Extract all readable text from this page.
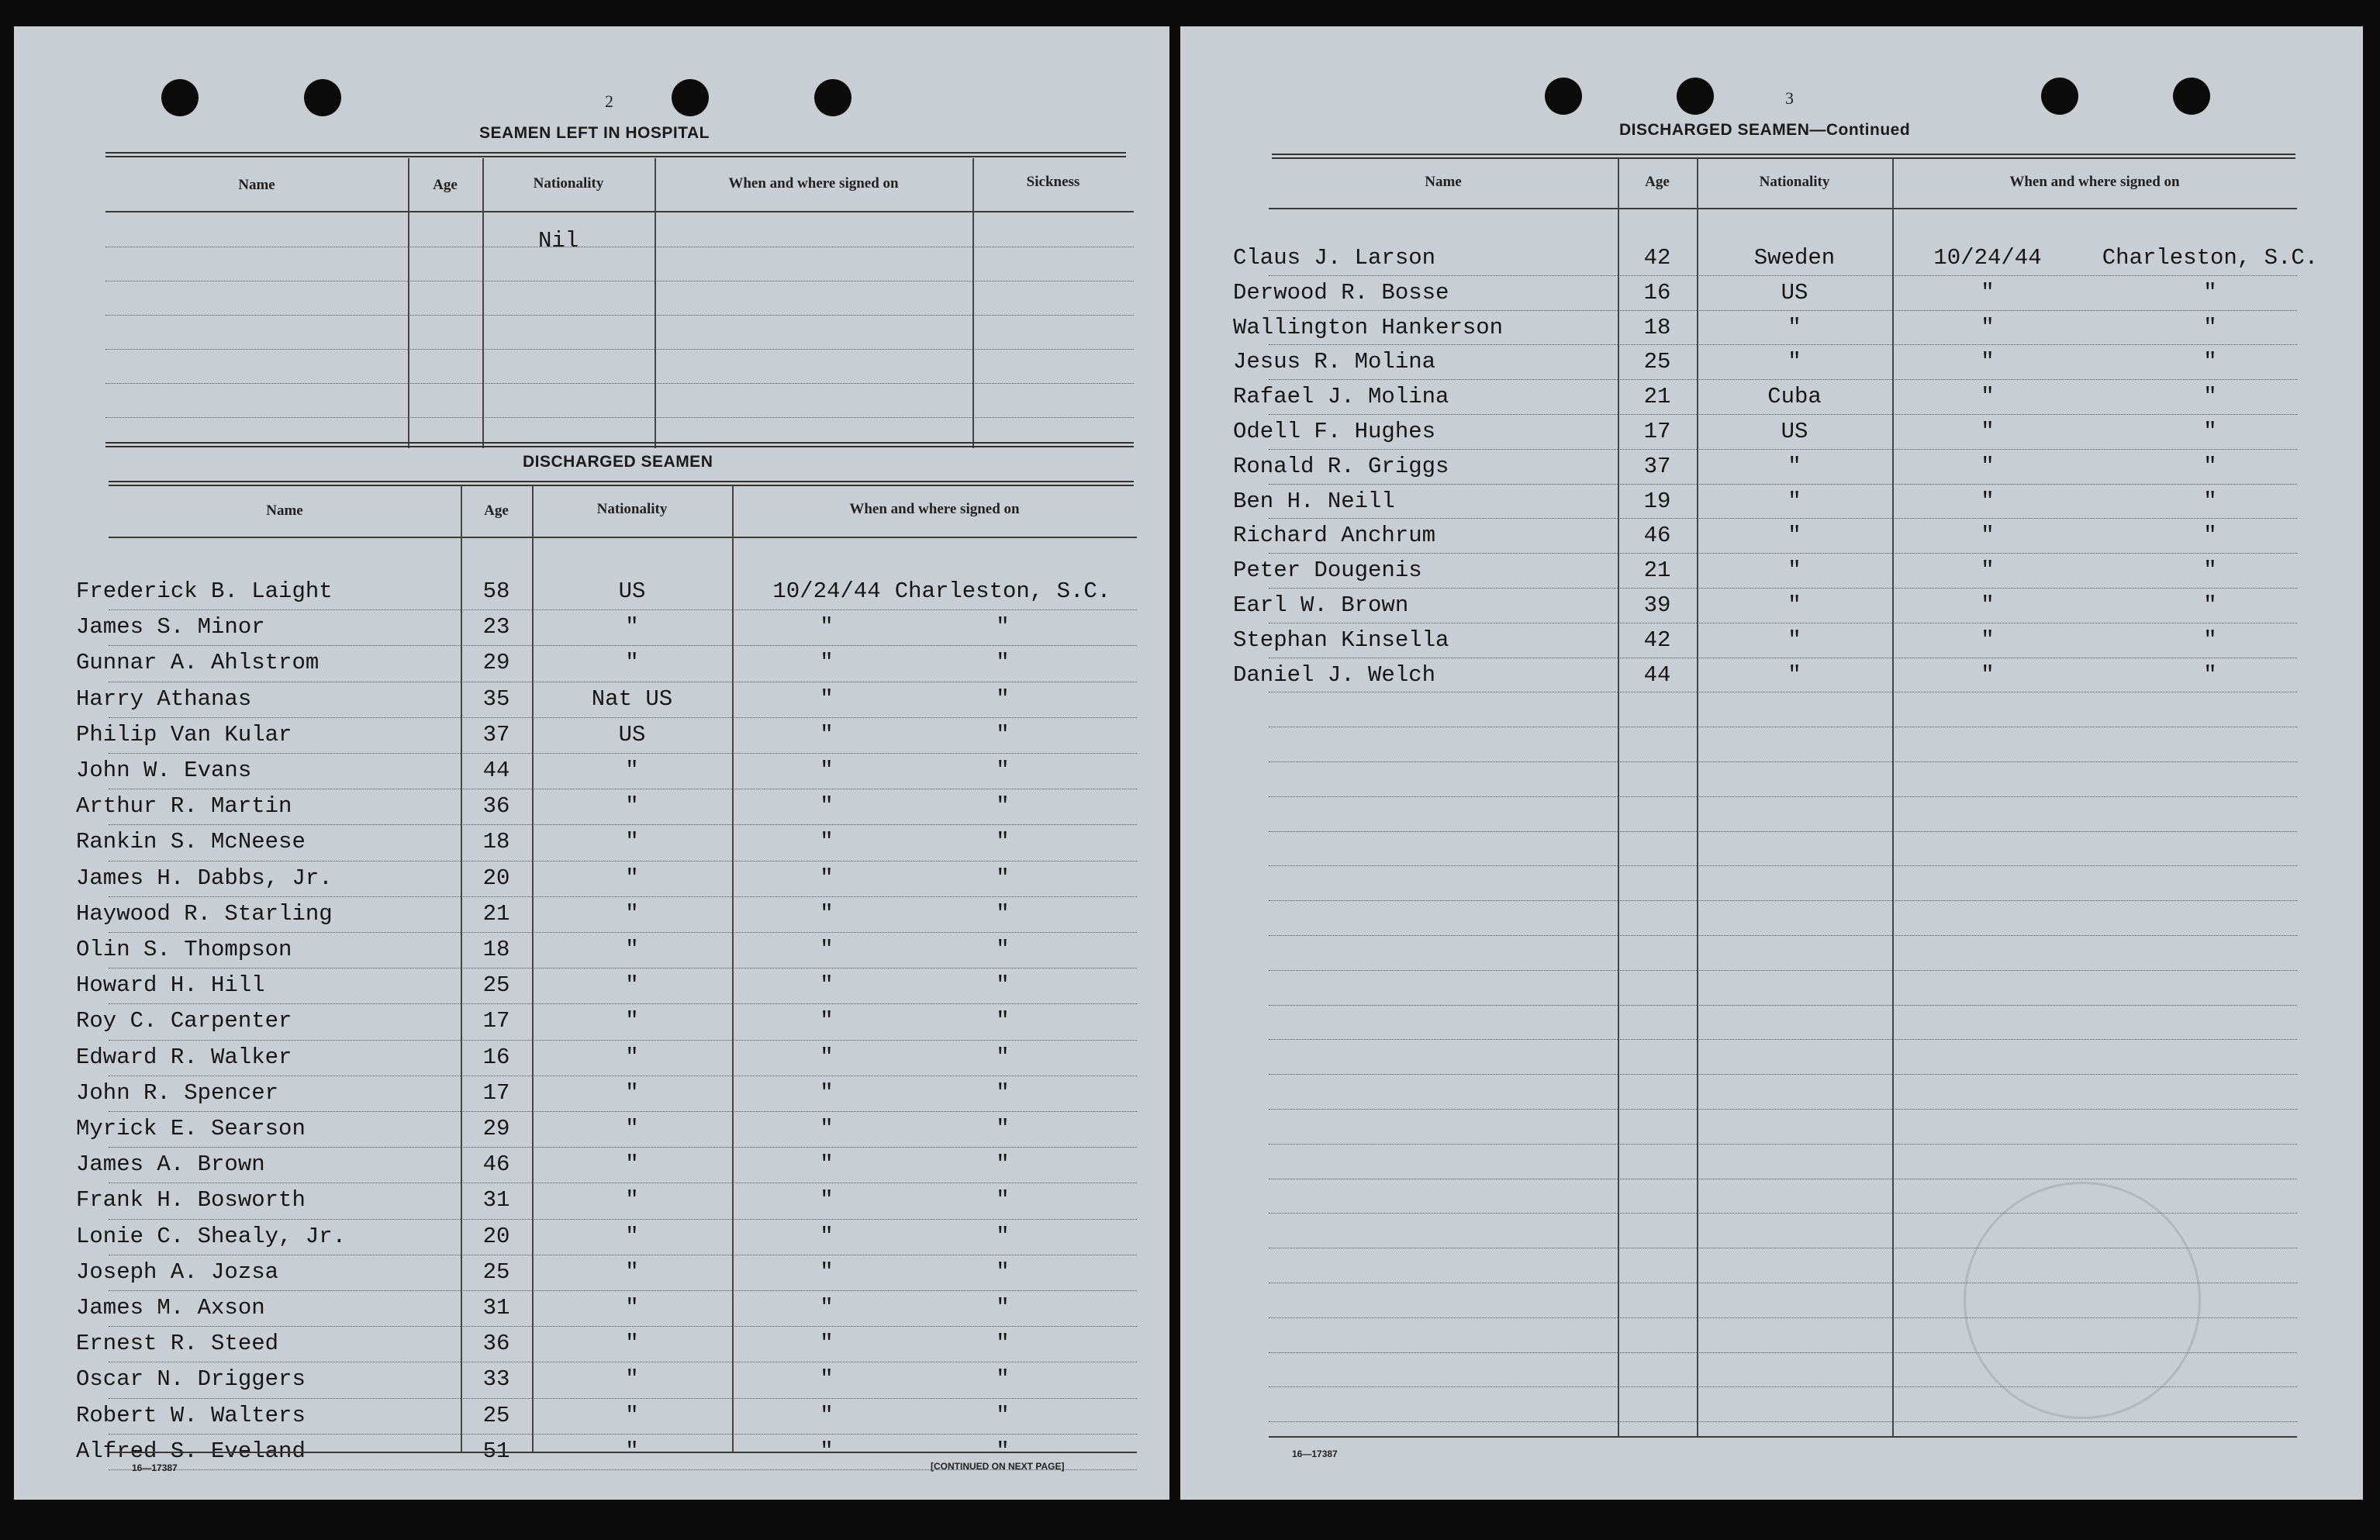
2
SEAMEN LEFT IN HOSPITAL
Name	Age	Nationality	When and where signed on	Sickness
Nil
DISCHARGED SEAMEN
Name	Age	Nationality	When and where signed on
Frederick B. Laight	58	US	10/24/44 Charleston, S.C.
James S. Minor	23	"	"	"
Gunnar A. Ahlstrom	29	"	"	"
Harry Athanas	35	Nat US	"	"
Philip Van Kular	37	US	"	"
John W. Evans	44	"	"	"
Arthur R. Martin	36	"	"	"
Rankin S. McNeese	18	"	"	"
James H. Dabbs, Jr.	20	"	"	"
Haywood R. Starling	21	"	"	"
Olin S. Thompson	18	"	"	"
Howard H. Hill	25	"	"	"
Roy C. Carpenter	17	"	"	"
Edward R. Walker	16	"	"	"
John R. Spencer	17	"	"	"
Myrick E. Searson	29	"	"	"
James A. Brown	46	"	"	"
Frank H. Bosworth	31	"	"	"
Lonie C. Shealy, Jr.	20	"	"	"
Joseph A. Jozsa	25	"	"	"
James M. Axson	31	"	"	"
Ernest R. Steed	36	"	"	"
Oscar N. Driggers	33	"	"	"
Robert W. Walters	25	"	"	"
Alfred S. Eveland	51	"	"	"
16—17387	[CONTINUED ON NEXT PAGE]
3
DISCHARGED SEAMEN—Continued
Name	Age	Nationality	When and where signed on
Claus J. Larson	42	Sweden	10/24/44	Charleston, S.C.
Derwood R. Bosse	16	US	"	"
Wallington Hankerson	18	"	"	"
Jesus R. Molina	25	"	"	"
Rafael J. Molina	21	Cuba	"	"
Odell F. Hughes	17	US	"	"
Ronald R. Griggs	37	"	"	"
Ben H. Neill	19	"	"	"
Richard Anchrum	46	"	"	"
Peter Dougenis	21	"	"	"
Earl W. Brown	39	"	"	"
Stephan Kinsella	42	"	"	"
Daniel J. Welch	44	"	"	"
16—17387
